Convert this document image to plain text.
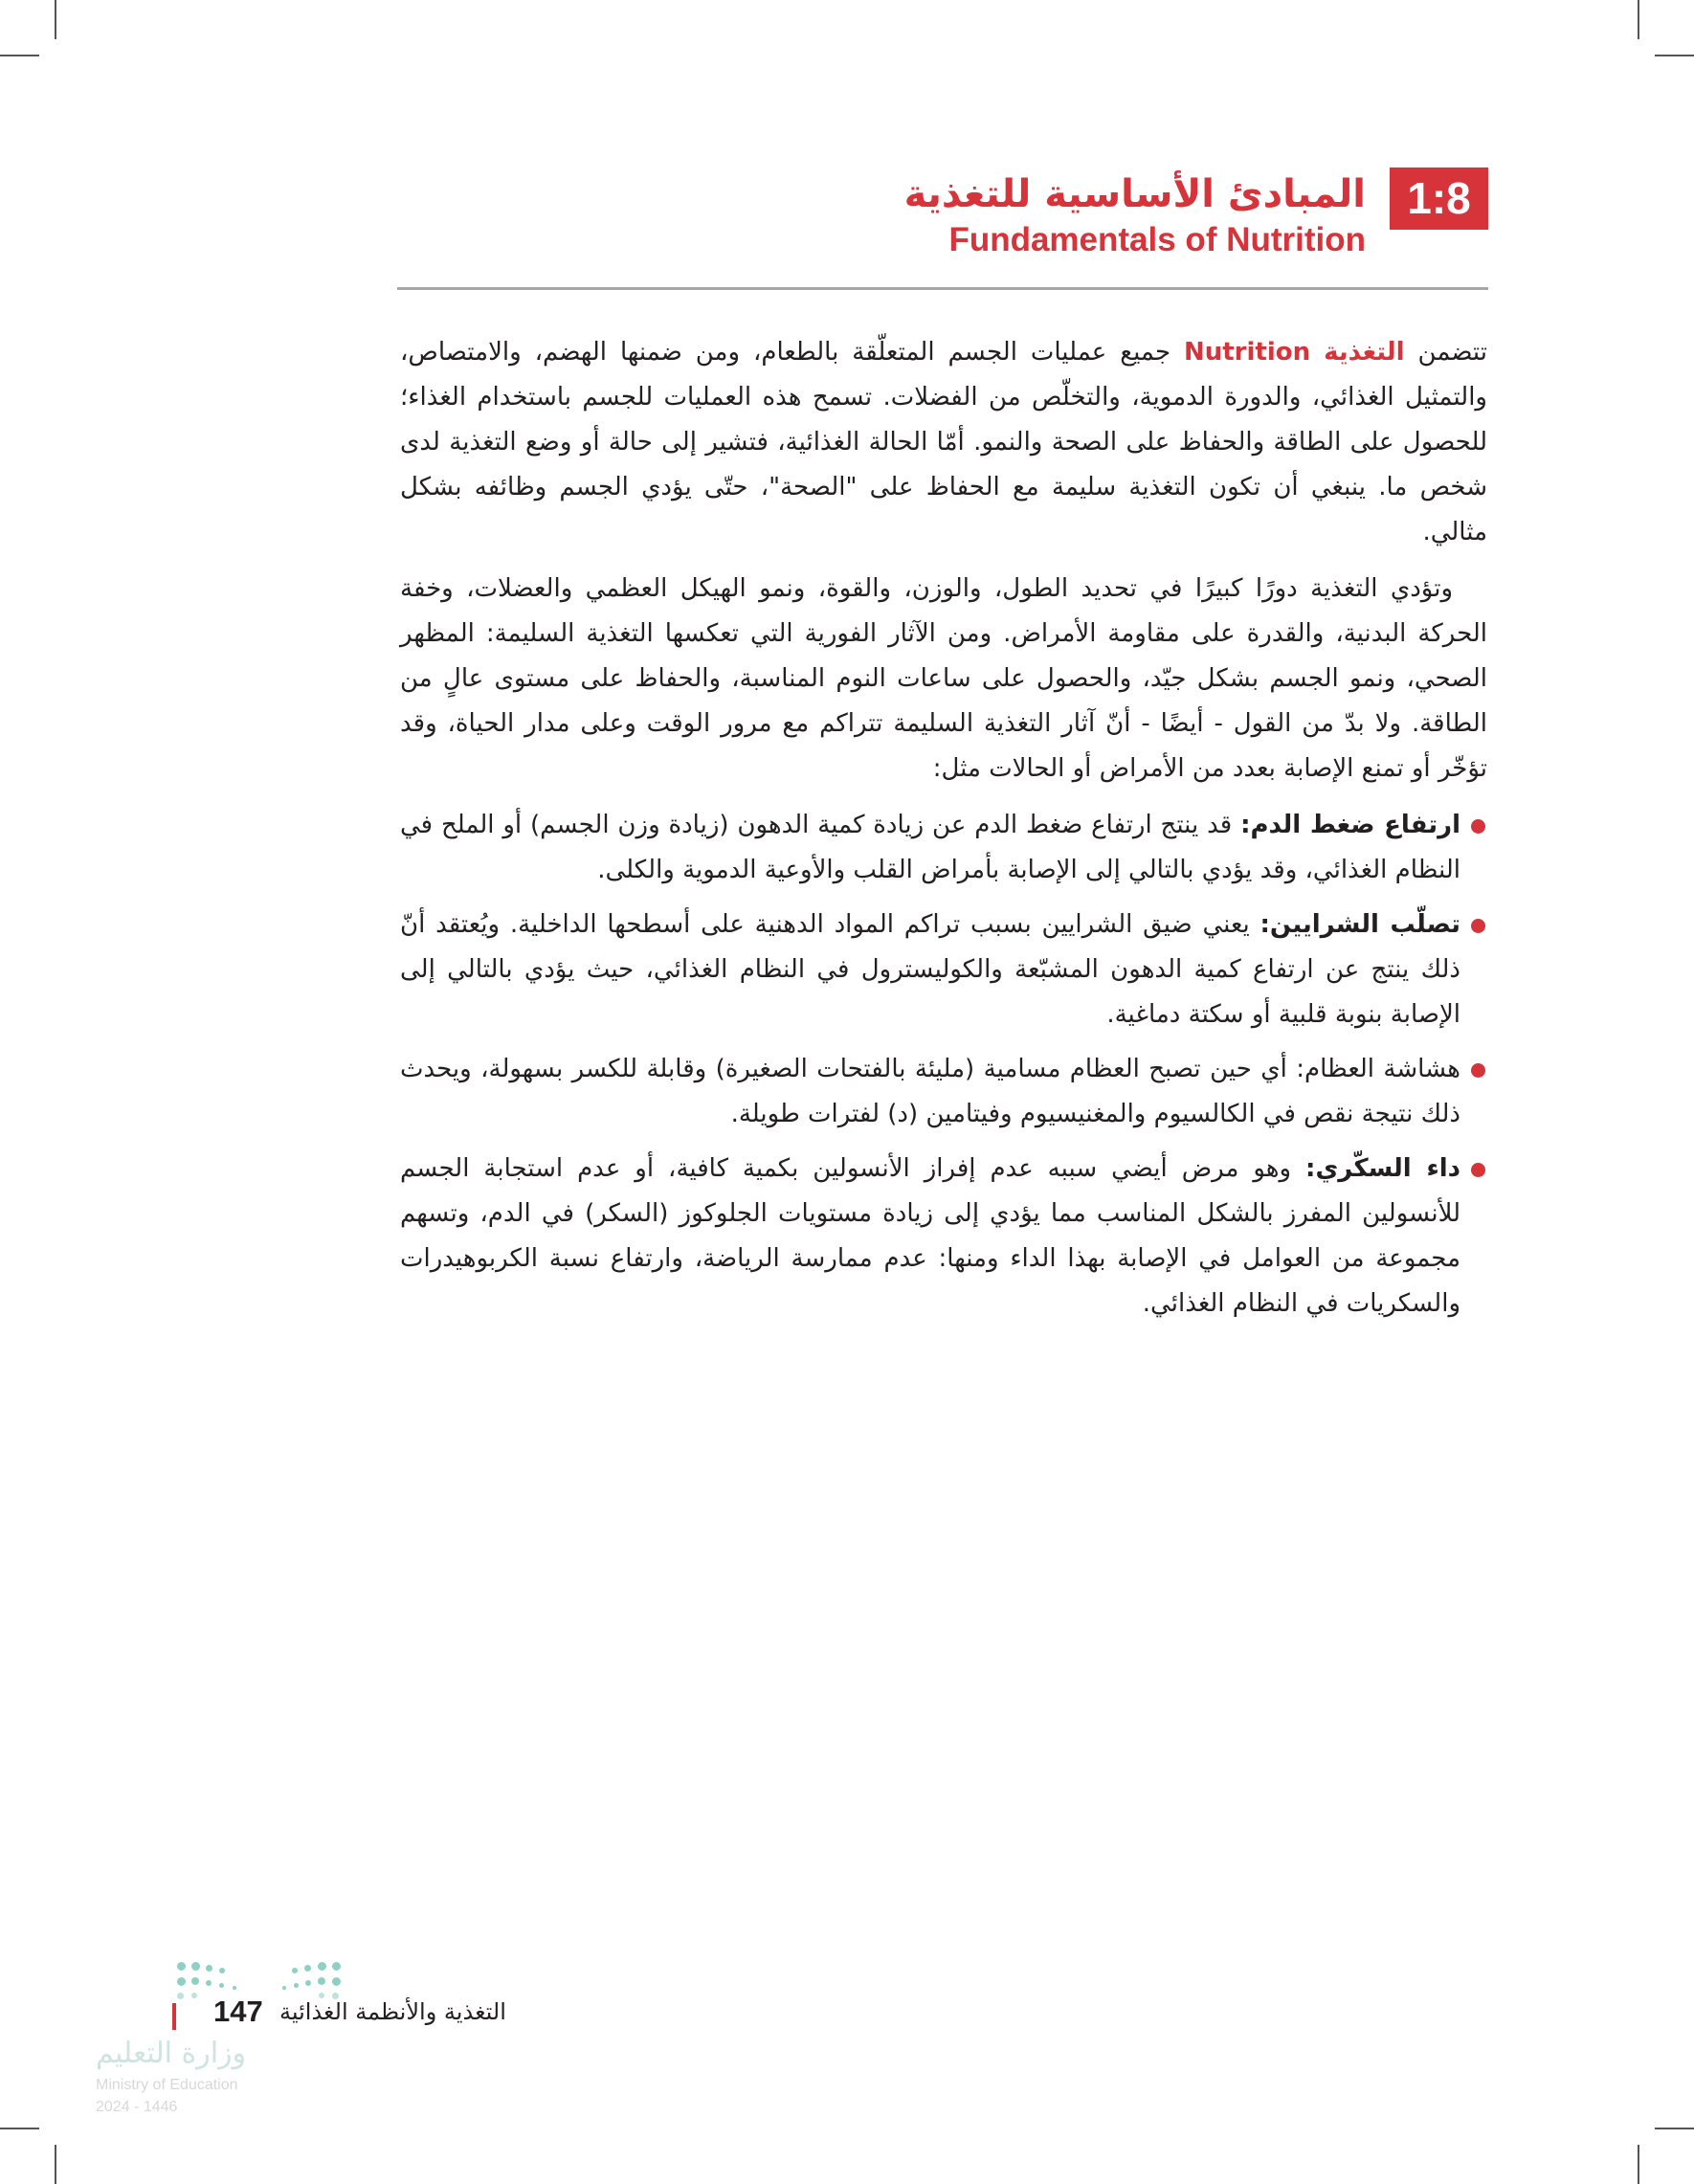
1:8
المبادئ الأساسية للتغذية
Fundamentals of Nutrition

تتضمن التغذية Nutrition جميع عمليات الجسم المتعلّقة بالطعام، ومن ضمنها الهضم، والامتصاص، والتمثيل الغذائي، والدورة الدموية، والتخلّص من الفضلات. تسمح هذه العمليات للجسم باستخدام الغذاء؛ للحصول على الطاقة والحفاظ على الصحة والنمو. أمّا الحالة الغذائية، فتشير إلى حالة أو وضع التغذية لدى شخص ما. ينبغي أن تكون التغذية سليمة مع الحفاظ على "الصحة"، حتّى يؤدي الجسم وظائفه بشكل مثالي.

وتؤدي التغذية دورًا كبيرًا في تحديد الطول، والوزن، والقوة، ونمو الهيكل العظمي والعضلات، وخفة الحركة البدنية، والقدرة على مقاومة الأمراض. ومن الآثار الفورية التي تعكسها التغذية السليمة: المظهر الصحي، ونمو الجسم بشكل جيّد، والحصول على ساعات النوم المناسبة، والحفاظ على مستوى عالٍ من الطاقة. ولا بدّ من القول - أيضًا - أنّ آثار التغذية السليمة تتراكم مع مرور الوقت وعلى مدار الحياة، وقد تؤخّر أو تمنع الإصابة بعدد من الأمراض أو الحالات مثل:

ارتفاع ضغط الدم: قد ينتج ارتفاع ضغط الدم عن زيادة كمية الدهون (زيادة وزن الجسم) أو الملح في النظام الغذائي، وقد يؤدي بالتالي إلى الإصابة بأمراض القلب والأوعية الدموية والكلى.
تصلّب الشرايين: يعني ضيق الشرايين بسبب تراكم المواد الدهنية على أسطحها الداخلية. ويُعتقد أنّ ذلك ينتج عن ارتفاع كمية الدهون المشبّعة والكوليسترول في النظام الغذائي، حيث يؤدي بالتالي إلى الإصابة بنوبة قلبية أو سكتة دماغية.
هشاشة العظام: أي حين تصبح العظام مسامية (مليئة بالفتحات الصغيرة) وقابلة للكسر بسهولة، ويحدث ذلك نتيجة نقص في الكالسيوم والمغنيسيوم وفيتامين (د) لفترات طويلة.
داء السكّري: وهو مرض أيضي سببه عدم إفراز الأنسولين بكمية كافية، أو عدم استجابة الجسم للأنسولين المفرز بالشكل المناسب مما يؤدي إلى زيادة مستويات الجلوكوز (السكر) في الدم، وتسهم مجموعة من العوامل في الإصابة بهذا الداء ومنها: عدم ممارسة الرياضة، وارتفاع نسبة الكربوهيدرات والسكريات في النظام الغذائي.
147 التغذية والأنظمة الغذائية
وزارة التعليم
Ministry of Education
2024 - 1446
